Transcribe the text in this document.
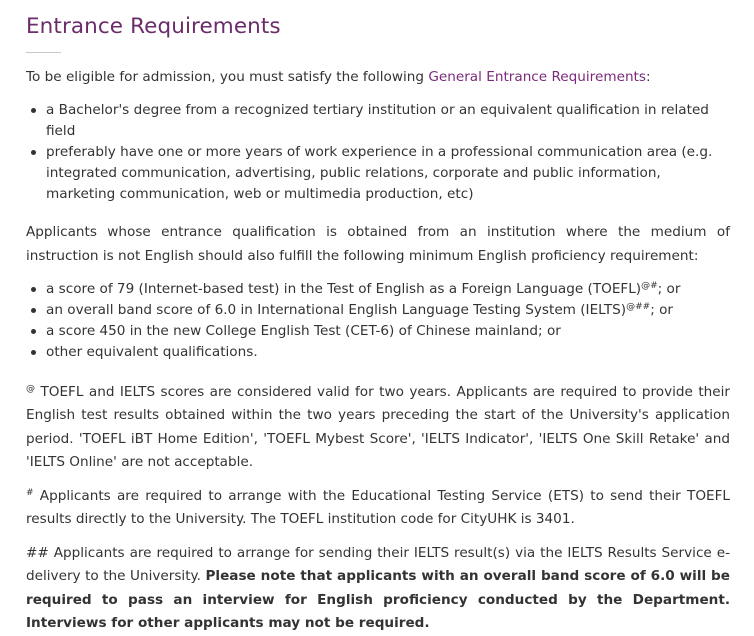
Entrance Requirements

To be eligible for admission, you must satisfy the following General Entrance Requirements:

a Bachelor's degree from a recognized tertiary institution or an equivalent qualification in related field
preferably have one or more years of work experience in a professional communication area (e.g. integrated communication, advertising, public relations, corporate and public information, marketing communication, web or multimedia production, etc)

Applicants whose entrance qualification is obtained from an institution where the medium of instruction is not English should also fulfill the following minimum English proficiency requirement:

a score of 79 (Internet-based test) in the Test of English as a Foreign Language (TOEFL)@#; or
an overall band score of 6.0 in International English Language Testing System (IELTS)@##; or
a score 450 in the new College English Test (CET-6) of Chinese mainland; or
other equivalent qualifications.

@ TOEFL and IELTS scores are considered valid for two years. Applicants are required to provide their English test results obtained within the two years preceding the start of the University's application period. 'TOEFL iBT Home Edition', 'TOEFL Mybest Score', 'IELTS Indicator', 'IELTS One Skill Retake' and 'IELTS Online' are not acceptable.

# Applicants are required to arrange with the Educational Testing Service (ETS) to send their TOEFL results directly to the University. The TOEFL institution code for CityUHK is 3401.

## Applicants are required to arrange for sending their IELTS result(s) via the IELTS Results Service e-delivery to the University. Please note that applicants with an overall band score of 6.0 will be required to pass an interview for English proficiency conducted by the Department. Interviews for other applicants may not be required.
